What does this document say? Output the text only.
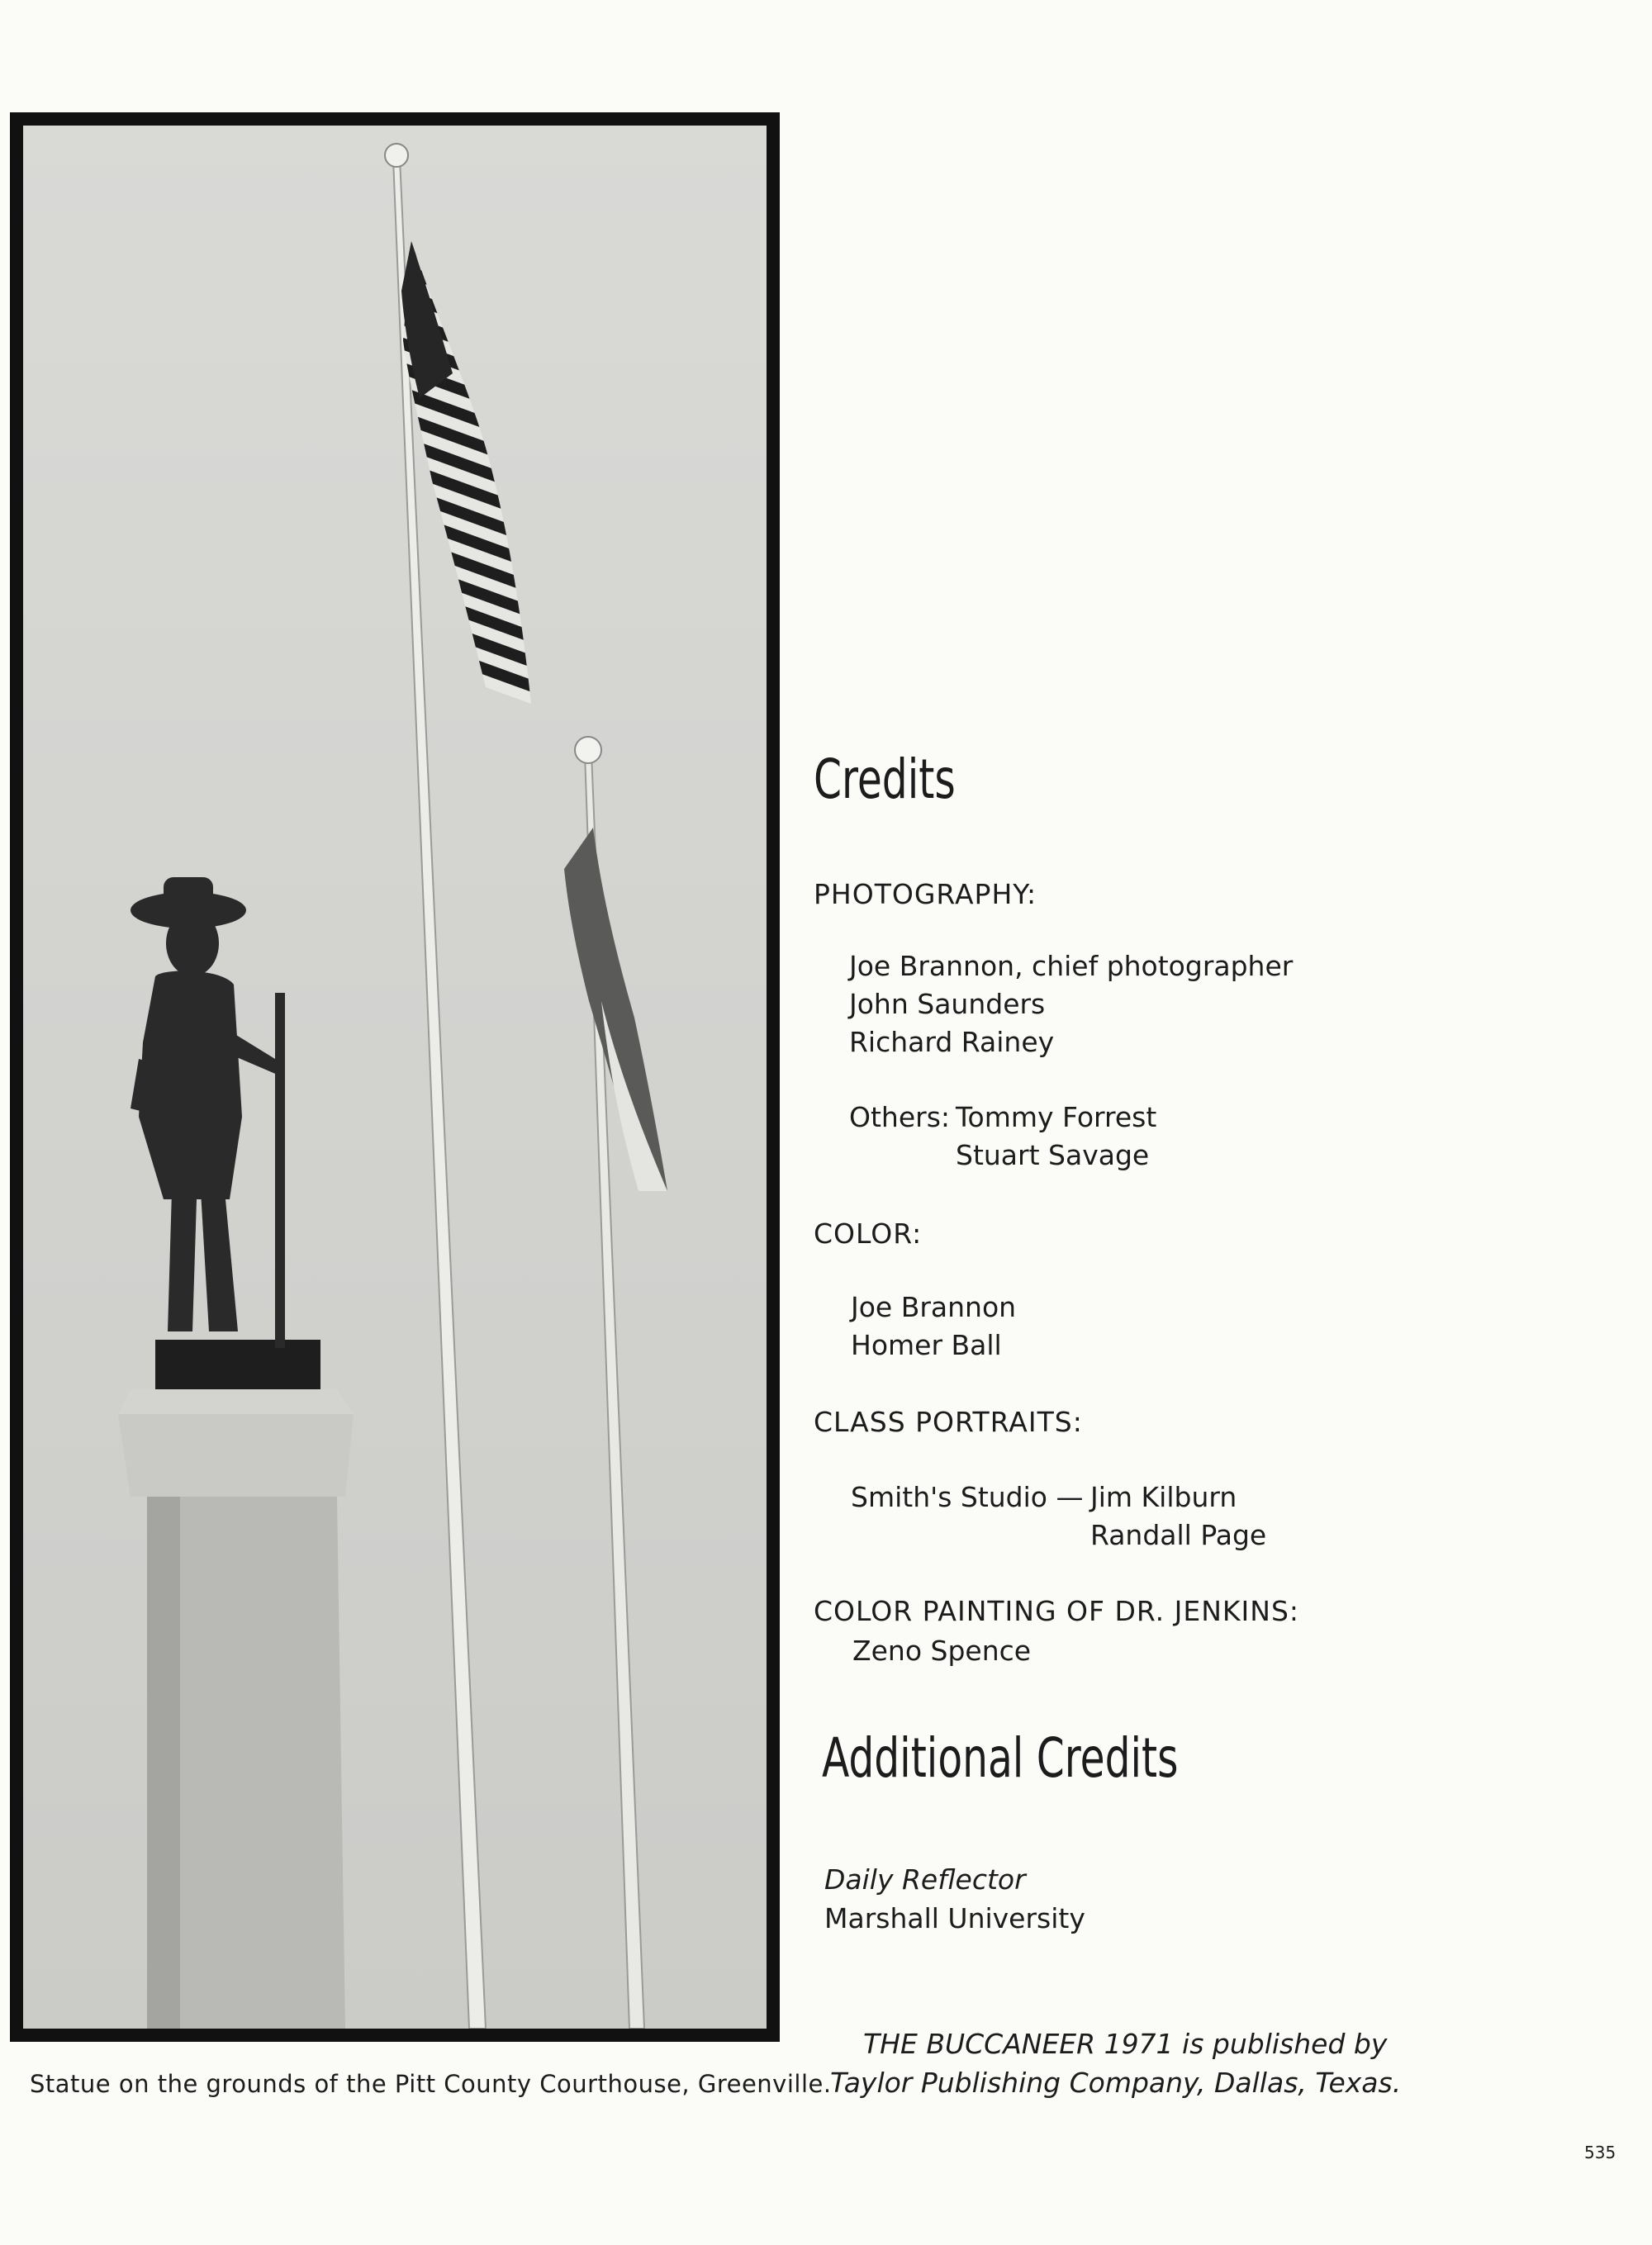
Statue on the grounds of the Pitt County Courthouse, Greenville.
Credits
PHOTOGRAPHY:
Joe Brannon, chief photographer
John Saunders
Richard Rainey
Others: Tommy Forrest
Stuart Savage
COLOR:
Joe Brannon
Homer Ball
CLASS PORTRAITS:
Smith's Studio — Jim Kilburn
Randall Page
COLOR PAINTING OF DR. JENKINS:
Zeno Spence
Additional Credits
Daily Reflector
Marshall University
THE BUCCANEER 1971 is published by
Taylor Publishing Company, Dallas, Texas.
535
